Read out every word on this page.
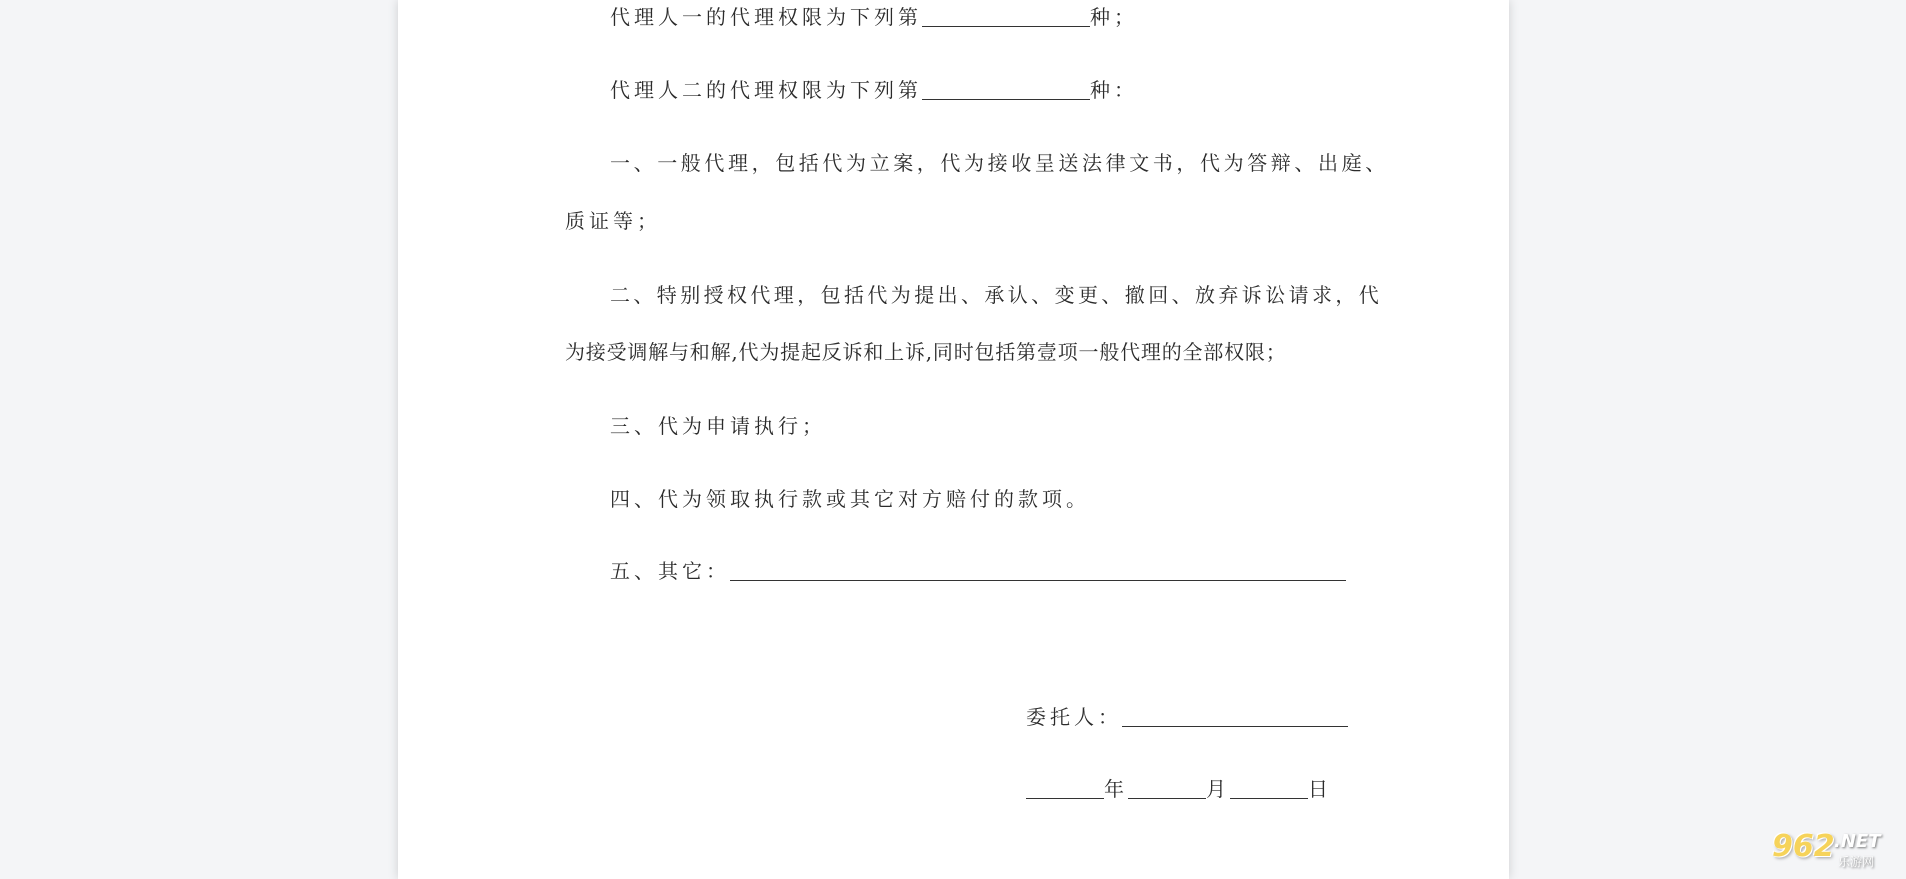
代理人一的代理权限为下列第	种；
代理人二的代理权限为下列第	种：
一、一般代理，包括代为立案，代为接收呈送法律文书，代为答辩、出庭、
质证等；
二、特别授权代理，包括代为提出、承认、变更、撤回、放弃诉讼请求，代
为接受调解与和解,代为提起反诉和上诉,同时包括第壹项一般代理的全部权限；
三、代为申请执行；
四、代为领取执行款或其它对方赔付的款项。
五、其它：
委托人：
年	月	日
962 .NET
乐游网
